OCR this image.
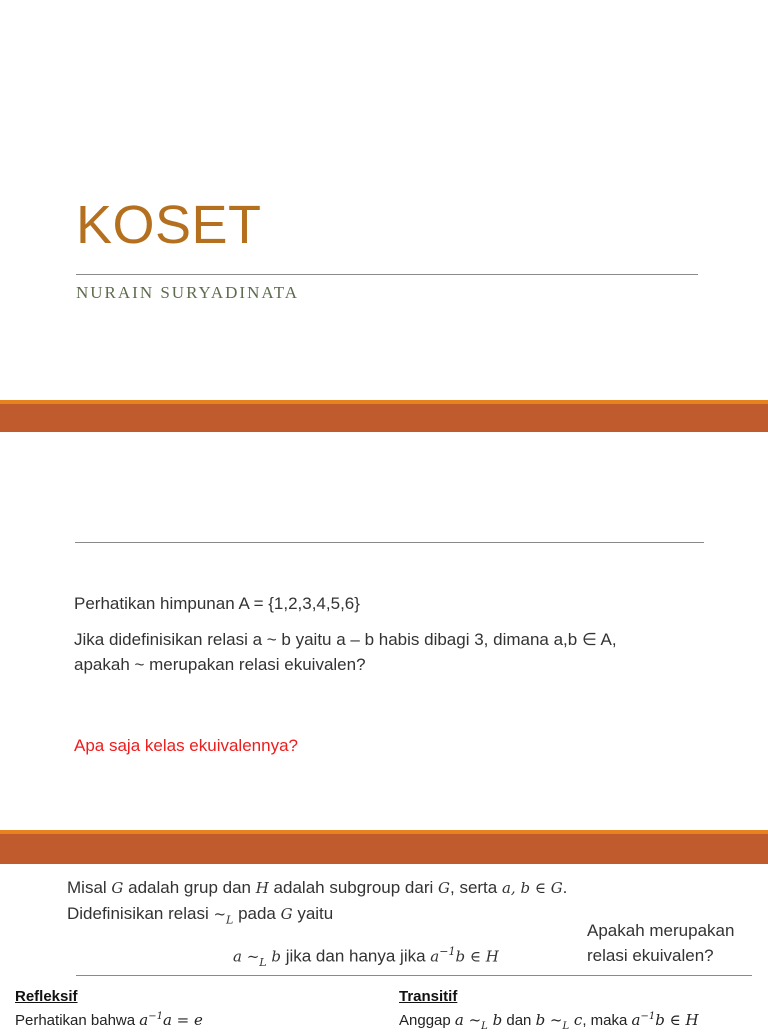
KOSET
NURAIN SURYADINATA
Perhatikan himpunan A = {1,2,3,4,5,6}
Jika didefinisikan relasi a ~ b yaitu a – b habis dibagi 3, dimana a,b ∈ A,
apakah ~ merupakan relasi ekuivalen?
Apa saja kelas ekuivalennya?
Misal G adalah grup dan H adalah subgroup dari G, serta a, b ∈ G.
Didefinisikan relasi $\sim_L$ pada G yaitu
a $\sim_L$ b jika dan hanya jika $a^{-1}b$ ∈ H
Apakah merupakan
relasi ekuivalen?
Refleksif
Perhatikan bahwa $a^{-1}a = e$
Transitif
Anggap a $\sim_L$ b dan b $\sim_L$ c, maka $a^{-1}b$ ∈ H
